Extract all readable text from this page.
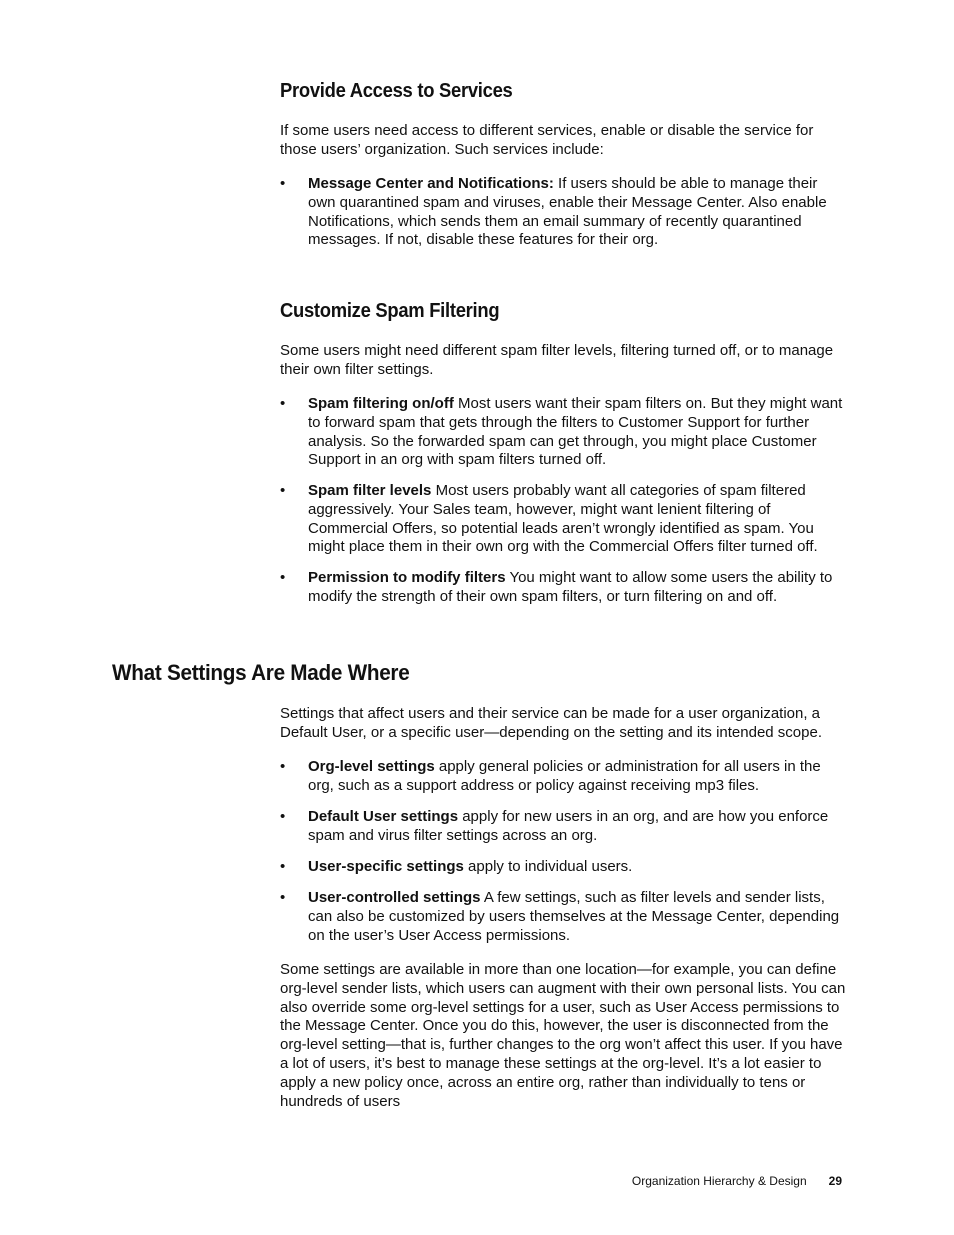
Provide Access to Services

If some users need access to different services, enable or disable the service for those users’ organization. Such services include:

• Message Center and Notifications: If users should be able to manage their own quarantined spam and viruses, enable their Message Center. Also enable Notifications, which sends them an email summary of recently quarantined messages. If not, disable these features for their org.
Customize Spam Filtering

Some users might need different spam filter levels, filtering turned off, or to manage their own filter settings.

• Spam filtering on/off Most users want their spam filters on. But they might want to forward spam that gets through the filters to Customer Support for further analysis. So the forwarded spam can get through, you might place Customer Support in an org with spam filters turned off.
• Spam filter levels Most users probably want all categories of spam filtered aggressively. Your Sales team, however, might want lenient filtering of Commercial Offers, so potential leads aren’t wrongly identified as spam. You might place them in their own org with the Commercial Offers filter turned off.
• Permission to modify filters You might want to allow some users the ability to modify the strength of their own spam filters, or turn filtering on and off.
What Settings Are Made Where

Settings that affect users and their service can be made for a user organization, a Default User, or a specific user—depending on the setting and its intended scope.

• Org-level settings apply general policies or administration for all users in the org, such as a support address or policy against receiving mp3 files.
• Default User settings apply for new users in an org, and are how you enforce spam and virus filter settings across an org.
• User-specific settings apply to individual users.
• User-controlled settings A few settings, such as filter levels and sender lists, can also be customized by users themselves at the Message Center, depending on the user’s User Access permissions.

Some settings are available in more than one location—for example, you can define org-level sender lists, which users can augment with their own personal lists. You can also override some org-level settings for a user, such as User Access permissions to the Message Center. Once you do this, however, the user is disconnected from the org-level setting—that is, further changes to the org won’t affect this user. If you have a lot of users, it’s best to manage these settings at the org-level. It’s a lot easier to apply a new policy once, across an entire org, rather than individually to tens or hundreds of users

Organization Hierarchy & Design 29
